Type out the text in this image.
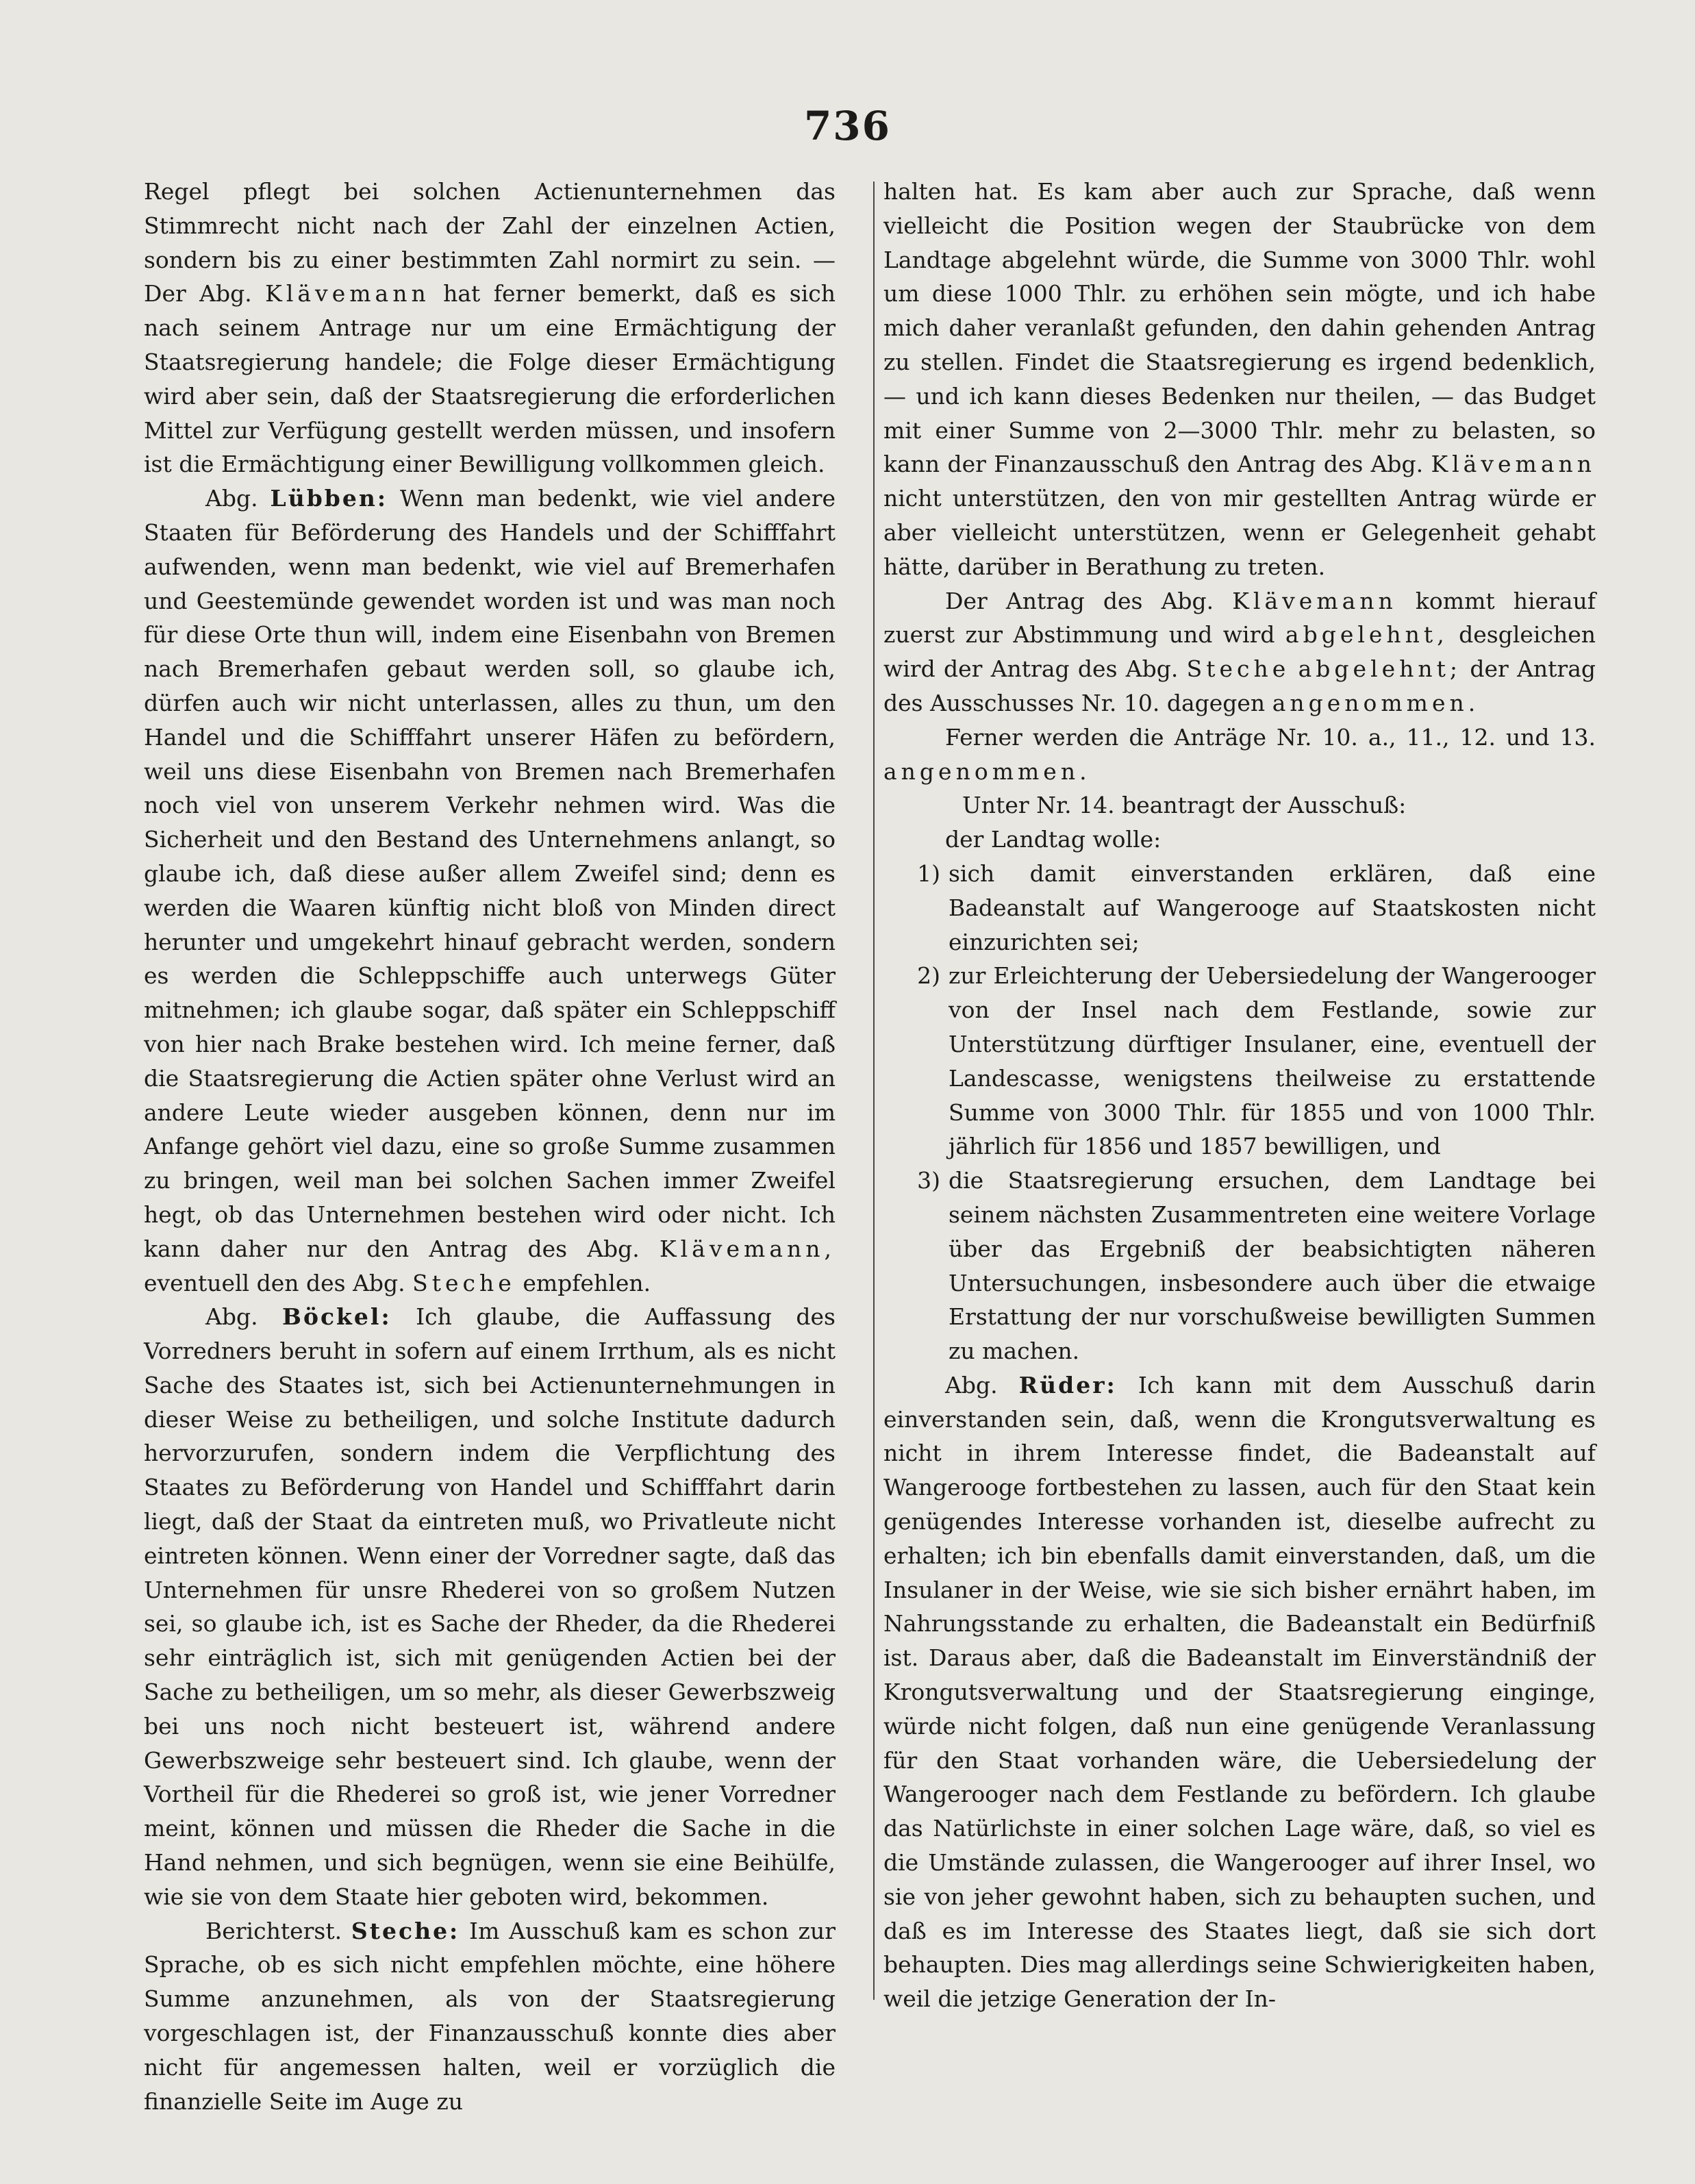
736

Regel pflegt bei solchen Actienunternehmen das Stimmrecht nicht nach der Zahl der einzelnen Actien, sondern bis zu einer bestimmten Zahl normirt zu sein. — Der Abg. Klävemann hat ferner bemerkt, daß es sich nach seinem Antrage nur um eine Ermächtigung der Staatsregierung handele; die Folge dieser Ermächtigung wird aber sein, daß der Staatsregierung die erforderlichen Mittel zur Verfügung gestellt werden müssen, und insofern ist die Ermächtigung einer Bewilligung vollkommen gleich.

Abg. Lübben: Wenn man bedenkt, wie viel andere Staaten für Beförderung des Handels und der Schifffahrt aufwenden, wenn man bedenkt, wie viel auf Bremerhafen und Geestemünde gewendet worden ist und was man noch für diese Orte thun will, indem eine Eisenbahn von Bremen nach Bremerhafen gebaut werden soll, so glaube ich, dürfen auch wir nicht unterlassen, alles zu thun, um den Handel und die Schifffahrt unserer Häfen zu befördern, weil uns diese Eisenbahn von Bremen nach Bremerhafen noch viel von unserem Verkehr nehmen wird. Was die Sicherheit und den Bestand des Unternehmens anlangt, so glaube ich, daß diese außer allem Zweifel sind; denn es werden die Waaren künftig nicht bloß von Minden direct herunter und umgekehrt hinauf gebracht werden, sondern es werden die Schleppschiffe auch unterwegs Güter mitnehmen; ich glaube sogar, daß später ein Schleppschiff von hier nach Brake bestehen wird. Ich meine ferner, daß die Staatsregierung die Actien später ohne Verlust wird an andere Leute wieder ausgeben können, denn nur im Anfange gehört viel dazu, eine so große Summe zusammen zu bringen, weil man bei solchen Sachen immer Zweifel hegt, ob das Unternehmen bestehen wird oder nicht. Ich kann daher nur den Antrag des Abg. Klävemann, eventuell den des Abg. Steche empfehlen.

Abg. Böckel: Ich glaube, die Auffassung des Vorredners beruht in sofern auf einem Irrthum, als es nicht Sache des Staates ist, sich bei Actienunternehmungen in dieser Weise zu betheiligen, und solche Institute dadurch hervorzurufen, sondern indem die Verpflichtung des Staates zu Beförderung von Handel und Schifffahrt darin liegt, daß der Staat da eintreten muß, wo Privatleute nicht eintreten können. Wenn einer der Vorredner sagte, daß das Unternehmen für unsre Rhederei von so großem Nutzen sei, so glaube ich, ist es Sache der Rheder, da die Rhederei sehr einträglich ist, sich mit genügenden Actien bei der Sache zu betheiligen, um so mehr, als dieser Gewerbszweig bei uns noch nicht besteuert ist, während andere Gewerbszweige sehr besteuert sind. Ich glaube, wenn der Vortheil für die Rhederei so groß ist, wie jener Vorredner meint, können und müssen die Rheder die Sache in die Hand nehmen, und sich begnügen, wenn sie eine Beihülfe, wie sie von dem Staate hier geboten wird, bekommen.

Berichterst. Steche: Im Ausschuß kam es schon zur Sprache, ob es sich nicht empfehlen möchte, eine höhere Summe anzunehmen, als von der Staatsregierung vorgeschlagen ist, der Finanzausschuß konnte dies aber nicht für angemessen halten, weil er vorzüglich die finanzielle Seite im Auge zu

halten hat. Es kam aber auch zur Sprache, daß wenn vielleicht die Position wegen der Staubrücke von dem Landtage abgelehnt würde, die Summe von 3000 Thlr. wohl um diese 1000 Thlr. zu erhöhen sein mögte, und ich habe mich daher veranlaßt gefunden, den dahin gehenden Antrag zu stellen. Findet die Staatsregierung es irgend bedenklich, — und ich kann dieses Bedenken nur theilen, — das Budget mit einer Summe von 2—3000 Thlr. mehr zu belasten, so kann der Finanzausschuß den Antrag des Abg. Klävemann nicht unterstützen, den von mir gestellten Antrag würde er aber vielleicht unterstützen, wenn er Gelegenheit gehabt hätte, darüber in Berathung zu treten.

Der Antrag des Abg. Klävemann kommt hierauf zuerst zur Abstimmung und wird abgelehnt, desgleichen wird der Antrag des Abg. Steche abgelehnt; der Antrag des Ausschusses Nr. 10. dagegen angenommen.

Ferner werden die Anträge Nr. 10. a., 11., 12. und 13. angenommen.

Unter Nr. 14. beantragt der Ausschuß:

der Landtag wolle:

1) sich damit einverstanden erklären, daß eine Badeanstalt auf Wangerooge auf Staatskosten nicht einzurichten sei;
2) zur Erleichterung der Uebersiedelung der Wangerooger von der Insel nach dem Festlande, sowie zur Unterstützung dürftiger Insulaner, eine, eventuell der Landescasse, wenigstens theilweise zu erstattende Summe von 3000 Thlr. für 1855 und von 1000 Thlr. jährlich für 1856 und 1857 bewilligen, und
3) die Staatsregierung ersuchen, dem Landtage bei seinem nächsten Zusammentreten eine weitere Vorlage über das Ergebniß der beabsichtigten näheren Untersuchungen, insbesondere auch über die etwaige Erstattung der nur vorschußweise bewilligten Summen zu machen.

Abg. Rüder: Ich kann mit dem Ausschuß darin einverstanden sein, daß, wenn die Krongutsverwaltung es nicht in ihrem Interesse findet, die Badeanstalt auf Wangerooge fortbestehen zu lassen, auch für den Staat kein genügendes Interesse vorhanden ist, dieselbe aufrecht zu erhalten; ich bin ebenfalls damit einverstanden, daß, um die Insulaner in der Weise, wie sie sich bisher ernährt haben, im Nahrungsstande zu erhalten, die Badeanstalt ein Bedürfniß ist. Daraus aber, daß die Badeanstalt im Einverständniß der Krongutsverwaltung und der Staatsregierung einginge, würde nicht folgen, daß nun eine genügende Veranlassung für den Staat vorhanden wäre, die Uebersiedelung der Wangerooger nach dem Festlande zu befördern. Ich glaube das Natürlichste in einer solchen Lage wäre, daß, so viel es die Umstände zulassen, die Wangerooger auf ihrer Insel, wo sie von jeher gewohnt haben, sich zu behaupten suchen, und daß es im Interesse des Staates liegt, daß sie sich dort behaupten. Dies mag allerdings seine Schwierigkeiten haben, weil die jetzige Generation der In-
